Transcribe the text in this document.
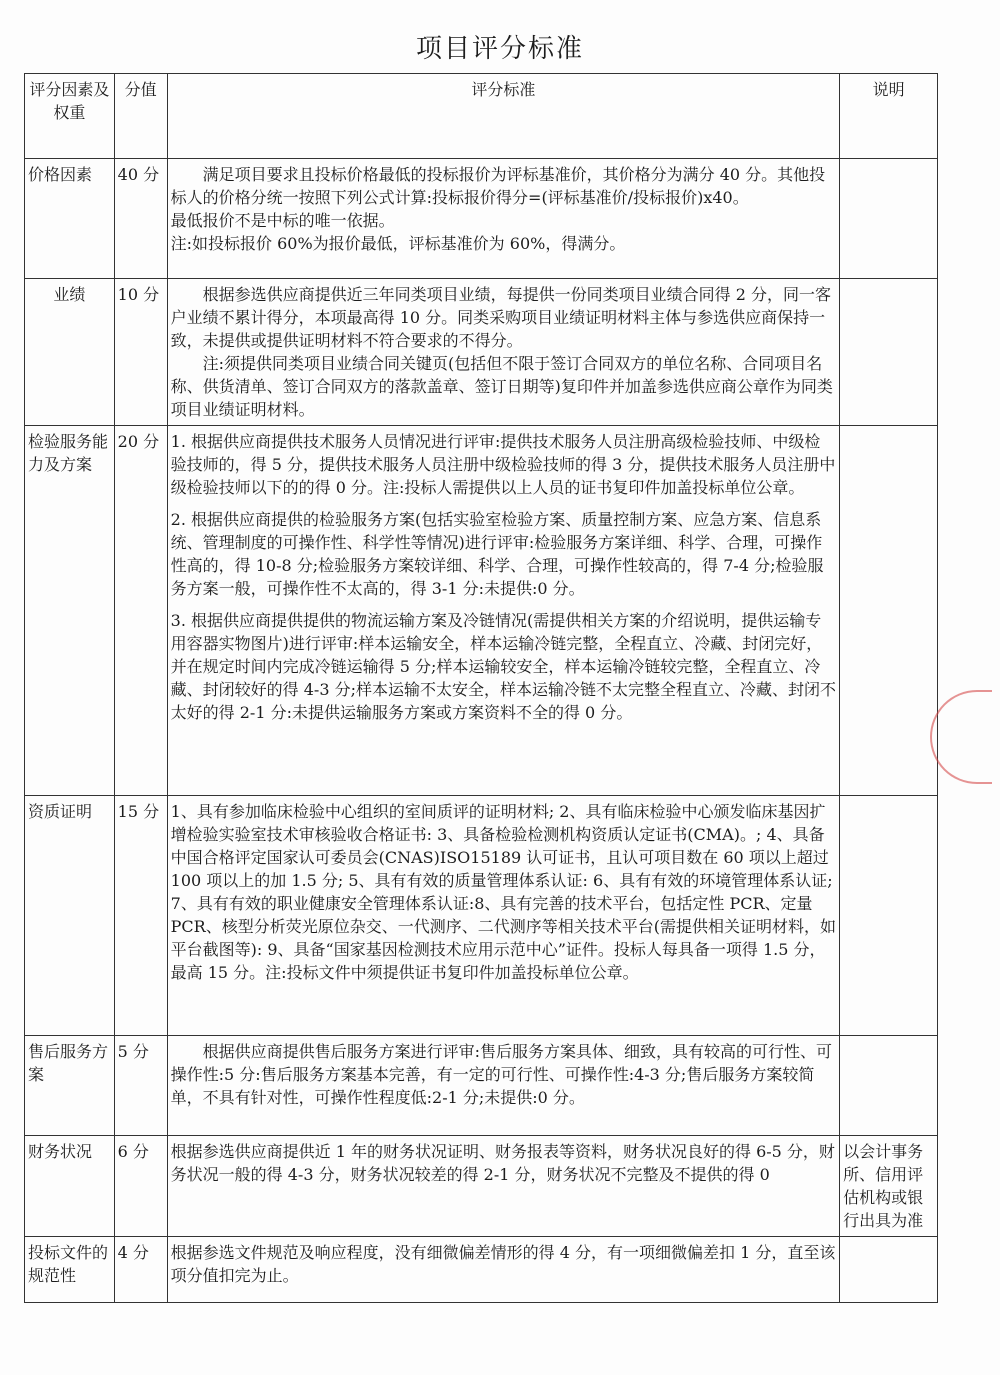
项目评分标准
评分因素及权重	分值	评分标准	说明
价格因素	40 分	满足项目要求且投标价格最低的投标报价为评标基准价，其价格分为满分 40 分。其他投标人的价格分统一按照下列公式计算:投标报价得分=(评标基准价/投标报价)x40。

最低报价不是中标的唯一依据。

注:如投标报价 60%为报价最低，评标基准价为 60%，得满分。	

业绩	10 分	根据参选供应商提供近三年同类项目业绩，每提供一份同类项目业绩合同得 2 分，同一客户业绩不累计得分，本项最高得 10 分。同类采购项目业绩证明材料主体与参选供应商保持一致，未提供或提供证明材料不符合要求的不得分。

注:须提供同类项目业绩合同关键页(包括但不限于签订合同双方的单位名称、合同项目名称、供货清单、签订合同双方的落款盖章、签订日期等)复印件并加盖参选供应商公章作为同类项目业绩证明材料。	

检验服务能力及方案	20 分	1. 根据供应商提供技术服务人员情况进行评审:提供技术服务人员注册高级检验技师、中级检验技师的，得 5 分，提供技术服务人员注册中级检验技师的得 3 分，提供技术服务人员注册中级检验技师以下的的得 0 分。注:投标人需提供以上人员的证书复印件加盖投标单位公章。

2. 根据供应商提供的检验服务方案(包括实验室检验方案、质量控制方案、应急方案、信息系统、管理制度的可操作性、科学性等情况)进行评审:检验服务方案详细、科学、合理，可操作性高的，得 10-8 分;检验服务方案较详细、科学、合理，可操作性较高的，得 7-4 分;检验服务方案一般，可操作性不太高的，得 3-1 分:未提供:0 分。

3. 根据供应商提供提供的物流运输方案及冷链情况(需提供相关方案的介绍说明，提供运输专用容器实物图片)进行评审:样本运输安全，样本运输冷链完整，全程直立、冷藏、封闭完好，并在规定时间内完成冷链运输得 5 分;样本运输较安全，样本运输冷链较完整，全程直立、冷藏、封闭较好的得 4-3 分;样本运输不太安全，样本运输冷链不太完整全程直立、冷藏、封闭不太好的得 2-1 分:未提供运输服务方案或方案资料不全的得 0 分。	

资质证明	15 分	1、具有参加临床检验中心组织的室间质评的证明材料; 2、具有临床检验中心颁发临床基因扩增检验实验室技术审核验收合格证书: 3、具备检验检测机构资质认定证书(CMA)。; 4、具备中国合格评定国家认可委员会(CNAS)ISO15189 认可证书，且认可项目数在 60 项以上超过 100 项以上的加 1.5 分; 5、具有有效的质量管理体系认证: 6、具有有效的环境管理体系认证; 7、具有有效的职业健康安全管理体系认证:8、具有完善的技术平台，包括定性 PCR、定量 PCR、核型分析荧光原位杂交、一代测序、二代测序等相关技术平台(需提供相关证明材料，如平台截图等): 9、具备“国家基因检测技术应用示范中心”证件。投标人每具备一项得 1.5 分，最高 15 分。注:投标文件中须提供证书复印件加盖投标单位公章。	

售后服务方案	5 分	根据供应商提供售后服务方案进行评审:售后服务方案具体、细致，具有较高的可行性、可操作性:5 分:售后服务方案基本完善，有一定的可行性、可操作性:4-3 分;售后服务方案较简单，不具有针对性，可操作性程度低:2-1 分;未提供:0 分。	

财务状况	6 分	根据参选供应商提供近 1 年的财务状况证明、财务报表等资料，财务状况良好的得 6-5 分，财务状况一般的得 4-3 分，财务状况较差的得 2-1 分，财务状况不完整及不提供的得 0	以会计事务所、信用评估机构或银行出具为准
投标文件的规范性	4 分	根据参选文件规范及响应程度，没有细微偏差情形的得 4 分，有一项细微偏差扣 1 分，直至该项分值扣完为止。	
